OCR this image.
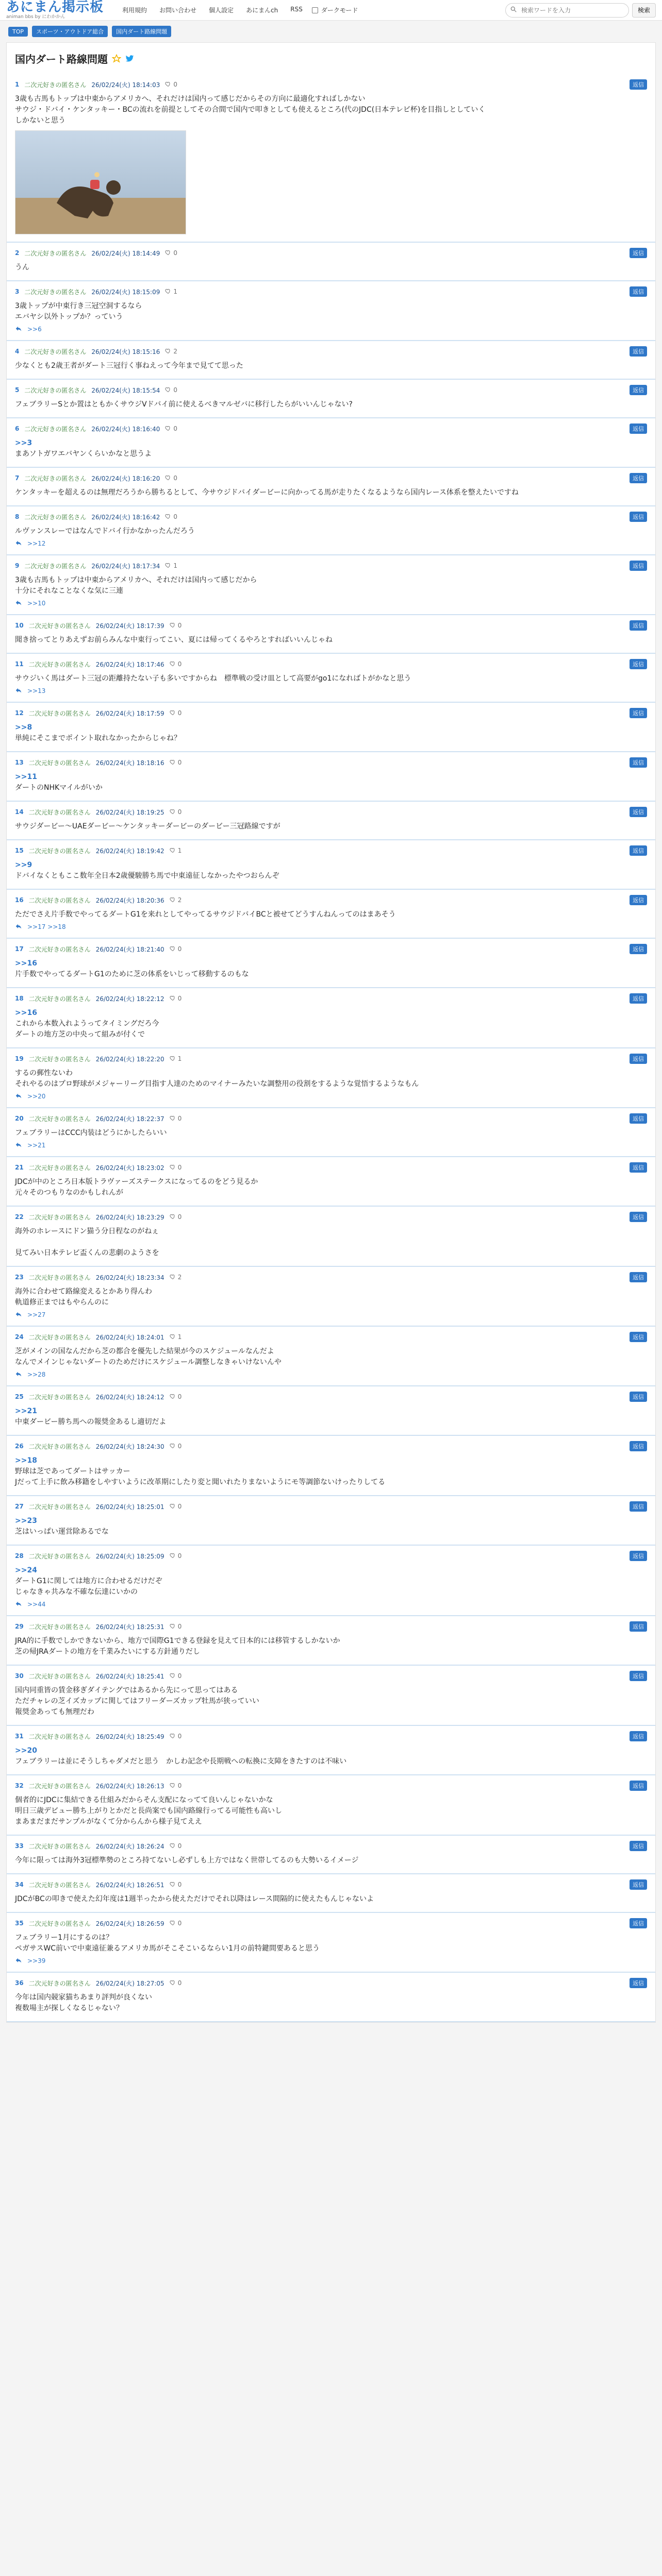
あにまん掲示板
animan bbs by にわかかん
利用規約	お問い合わせ	個人設定	あにまんch	RSS	ダークモード
検索ワードを入力	検索
TOP	スポーツ・アウトドア総合	国内ダート路線問題
国内ダート路線問題
1 二次元好きの匿名さん 26/02/24(火) 18:14:03 0	返信
3歳も古馬もトップは中東からアメリカへ、それだけは国内って感じだからその方向に最適化すればしかない
サウジ・ドバイ・ケンタッキー・BCの流れを前提としてその合間で国内で叩きとしても使えるところ(代のJDC(日本テレビ杯)を目指しとしていく
しかないと思う
2 二次元好きの匿名さん 26/02/24(火) 18:14:49 0	返信
うん
3 二次元好きの匿名さん 26/02/24(火) 18:15:09 1	返信
3歳トップが中東行き三冠空洞するなら
エバヤシ以外トップか？っていう
>>6
4 二次元好きの匿名さん 26/02/24(火) 18:15:16 2	返信
少なくとも2歳王者がダート三冠行く事ねえって今年まで見てて思った
5 二次元好きの匿名さん 26/02/24(火) 18:15:54 0	返信
フェブラリーSとか置はともかくサウジVドバイ前に使えるべきマルゼバに移行したらがいいんじゃない?
6 二次元好きの匿名さん 26/02/24(火) 18:16:40 0	返信
>>3
まあソトガワエバヤンくらいかなと思うよ
7 二次元好きの匿名さん 26/02/24(火) 18:16:20 0	返信
ケンタッキーを超えるのは無理だろうから勝ちるとして、今サウジドバイダービーに向かってる馬が走りたくなるようなら国内レース体系を整えたいですね
8 二次元好きの匿名さん 26/02/24(火) 18:16:42 0	返信
ルヴァンスレーではなんでドバイ行かなかったんだろう
>>12
9 二次元好きの匿名さん 26/02/24(火) 18:17:34 1	返信
3歳も古馬もトップは中東からアメリカへ、それだけは国内って感じだから
十分にそれなことなくな気に三連
>>10
10 二次元好きの匿名さん 26/02/24(火) 18:17:39 0	返信
聞き捨ってとりあえずお前らみんな中東行ってこい、夏には帰ってくるやろとすればいいんじゃね
11 二次元好きの匿名さん 26/02/24(火) 18:17:46 0	返信
サウジいく馬はダート三冠の距離持たない子も多いですからね　標準戦の受け皿として高要がgo1になればトがかなと思う
>>13
12 二次元好きの匿名さん 26/02/24(火) 18:17:59 0	返信
>>8
単純にそこまでポイント取れなかったからじゃね？
13 二次元好きの匿名さん 26/02/24(火) 18:18:16 0	返信
>>11
ダートのNHKマイルがいか
14 二次元好きの匿名さん 26/02/24(火) 18:19:25 0	返信
サウジダービー〜UAEダービー〜ケンタッキーダービーのダービー三冠路線ですが
15 二次元好きの匿名さん 26/02/24(火) 18:19:42 1	返信
>>9
ドバイなくともここ数年全日本2歳優駿勝ち馬で中東遠征しなかったやつおらんぞ
16 二次元好きの匿名さん 26/02/24(火) 18:20:36 2	返信
ただでさえ片手数でやってるダートG1を来れとしてやってるサウジドバイBCと被せてどうすんねんってのはまあそう
>>17 >>18
17 二次元好きの匿名さん 26/02/24(火) 18:21:40 0	返信
>>16
片手数でやってるダートG1のために芝の体系をいじって移動するのもな
18 二次元好きの匿名さん 26/02/24(火) 18:22:12 0	返信
>>16
これから本数入れようってタイミングだろ今
ダートの地方芝の中央って組みが付くで
19 二次元好きの匿名さん 26/02/24(火) 18:22:20 1	返信
するの郵性ないわ
それやるのはプロ野球がメジャーリーグ目指す人達のためのマイナーみたいな調整用の役割をするような覚悟するようなもん
>>20
20 二次元好きの匿名さん 26/02/24(火) 18:22:37 0	返信
フェブラリーはCCC内装はどうにかしたらいい
>>21
21 二次元好きの匿名さん 26/02/24(火) 18:23:02 0	返信
JDCが中のところ日本版トラヴァーズステークスになってるのをどう見るか
元々そのつもりなのかもしれんが
22 二次元好きの匿名さん 26/02/24(火) 18:23:29 0	返信
海外のホレースにドン猫う分日程なのがねぇ

見てみい日本テレビ盃くんの悲劇のようさを
23 二次元好きの匿名さん 26/02/24(火) 18:23:34 2	返信
海外に合わせて路線変えるとかあり得んわ
軌道修正まではもやらんのに
>>27
24 二次元好きの匿名さん 26/02/24(火) 18:24:01 1	返信
芝がメインの国なんだから芝の都合を優先した結果が今のスケジュールなんだよ
なんでメインじゃないダートのためだけにスケジュール調整しなきゃいけないんや
>>28
25 二次元好きの匿名さん 26/02/24(火) 18:24:12 0	返信
>>21
中東ダービー勝ち馬への報奨金あるし適切だよ
26 二次元好きの匿名さん 26/02/24(火) 18:24:30 0	返信
>>18
野球は芝であってダートはサッカー
Jだって上手に飲み移籍をしやすいように改革期にしたり変と聞いれたりまないようにモ等調節ないけったりしてる
27 二次元好きの匿名さん 26/02/24(火) 18:25:01 0	返信
>>23
芝はいっぱい運営除あるでな
28 二次元好きの匿名さん 26/02/24(火) 18:25:09 0	返信
>>24
ダートG1に関しては地方に合わせるだけだぞ
じゃなきゃ共みな不確な伝達にいかの
>>44
29 二次元好きの匿名さん 26/02/24(火) 18:25:31 0	返信
JRA的に手数でしかできないから、地方で国際G1できる登録を見えて日本的には移管するしかないか
芝の帰JRAダートの地方を千業みたいにする方針通りだし
30 二次元好きの匿名さん 26/02/24(火) 18:25:41 0	返信
国内同重皆の賃金移ぎダイテングではあるから先にって思ってはある
ただチャレの芝イズカップに関してはフリーダーズカップ牡馬が狭っていい
報奨金あっても無理だわ
31 二次元好きの匿名さん 26/02/24(火) 18:25:49 0	返信
>>20
フェブラリーは並にそうしちゃダメだと思う　かしわ記念や長期戦への転換に支障をきたすのは不味い
32 二次元好きの匿名さん 26/02/24(火) 18:26:13 0	返信
個者的にJDCに集結できる仕組みだからそん支配になってて良いんじゃないかな
明日三歳デビュー勝ち上がりとかだと長尚案でも国内路線行ってる可能性も高いし
まあまだまだサンプルがなくて分からんから様子見てええ
33 二次元好きの匿名さん 26/02/24(火) 18:26:24 0	返信
今年に限っては海外3冠標準勢のところ持てないし必ずしも上方ではなく世帯してるのも大勢いるイメージ
34 二次元好きの匿名さん 26/02/24(火) 18:26:51 0	返信
JDCがBCの叩きで使えた幻年度は1週半ったから使えただけでそれ以降はレース間隔的に使えたもんじゃないよ
35 二次元好きの匿名さん 26/02/24(火) 18:26:59 0	返信
フェブラリー1月にするのは？
ペガサスWC前いで中東遠征兼るアメリカ馬がそこそこいるならい1月の前特鍵間要あると思う
>>39
36 二次元好きの匿名さん 26/02/24(火) 18:27:05 0	返信
今年は国内競家猫ちあまり評判が良くない
複数場主が探しくなるじゃない？
